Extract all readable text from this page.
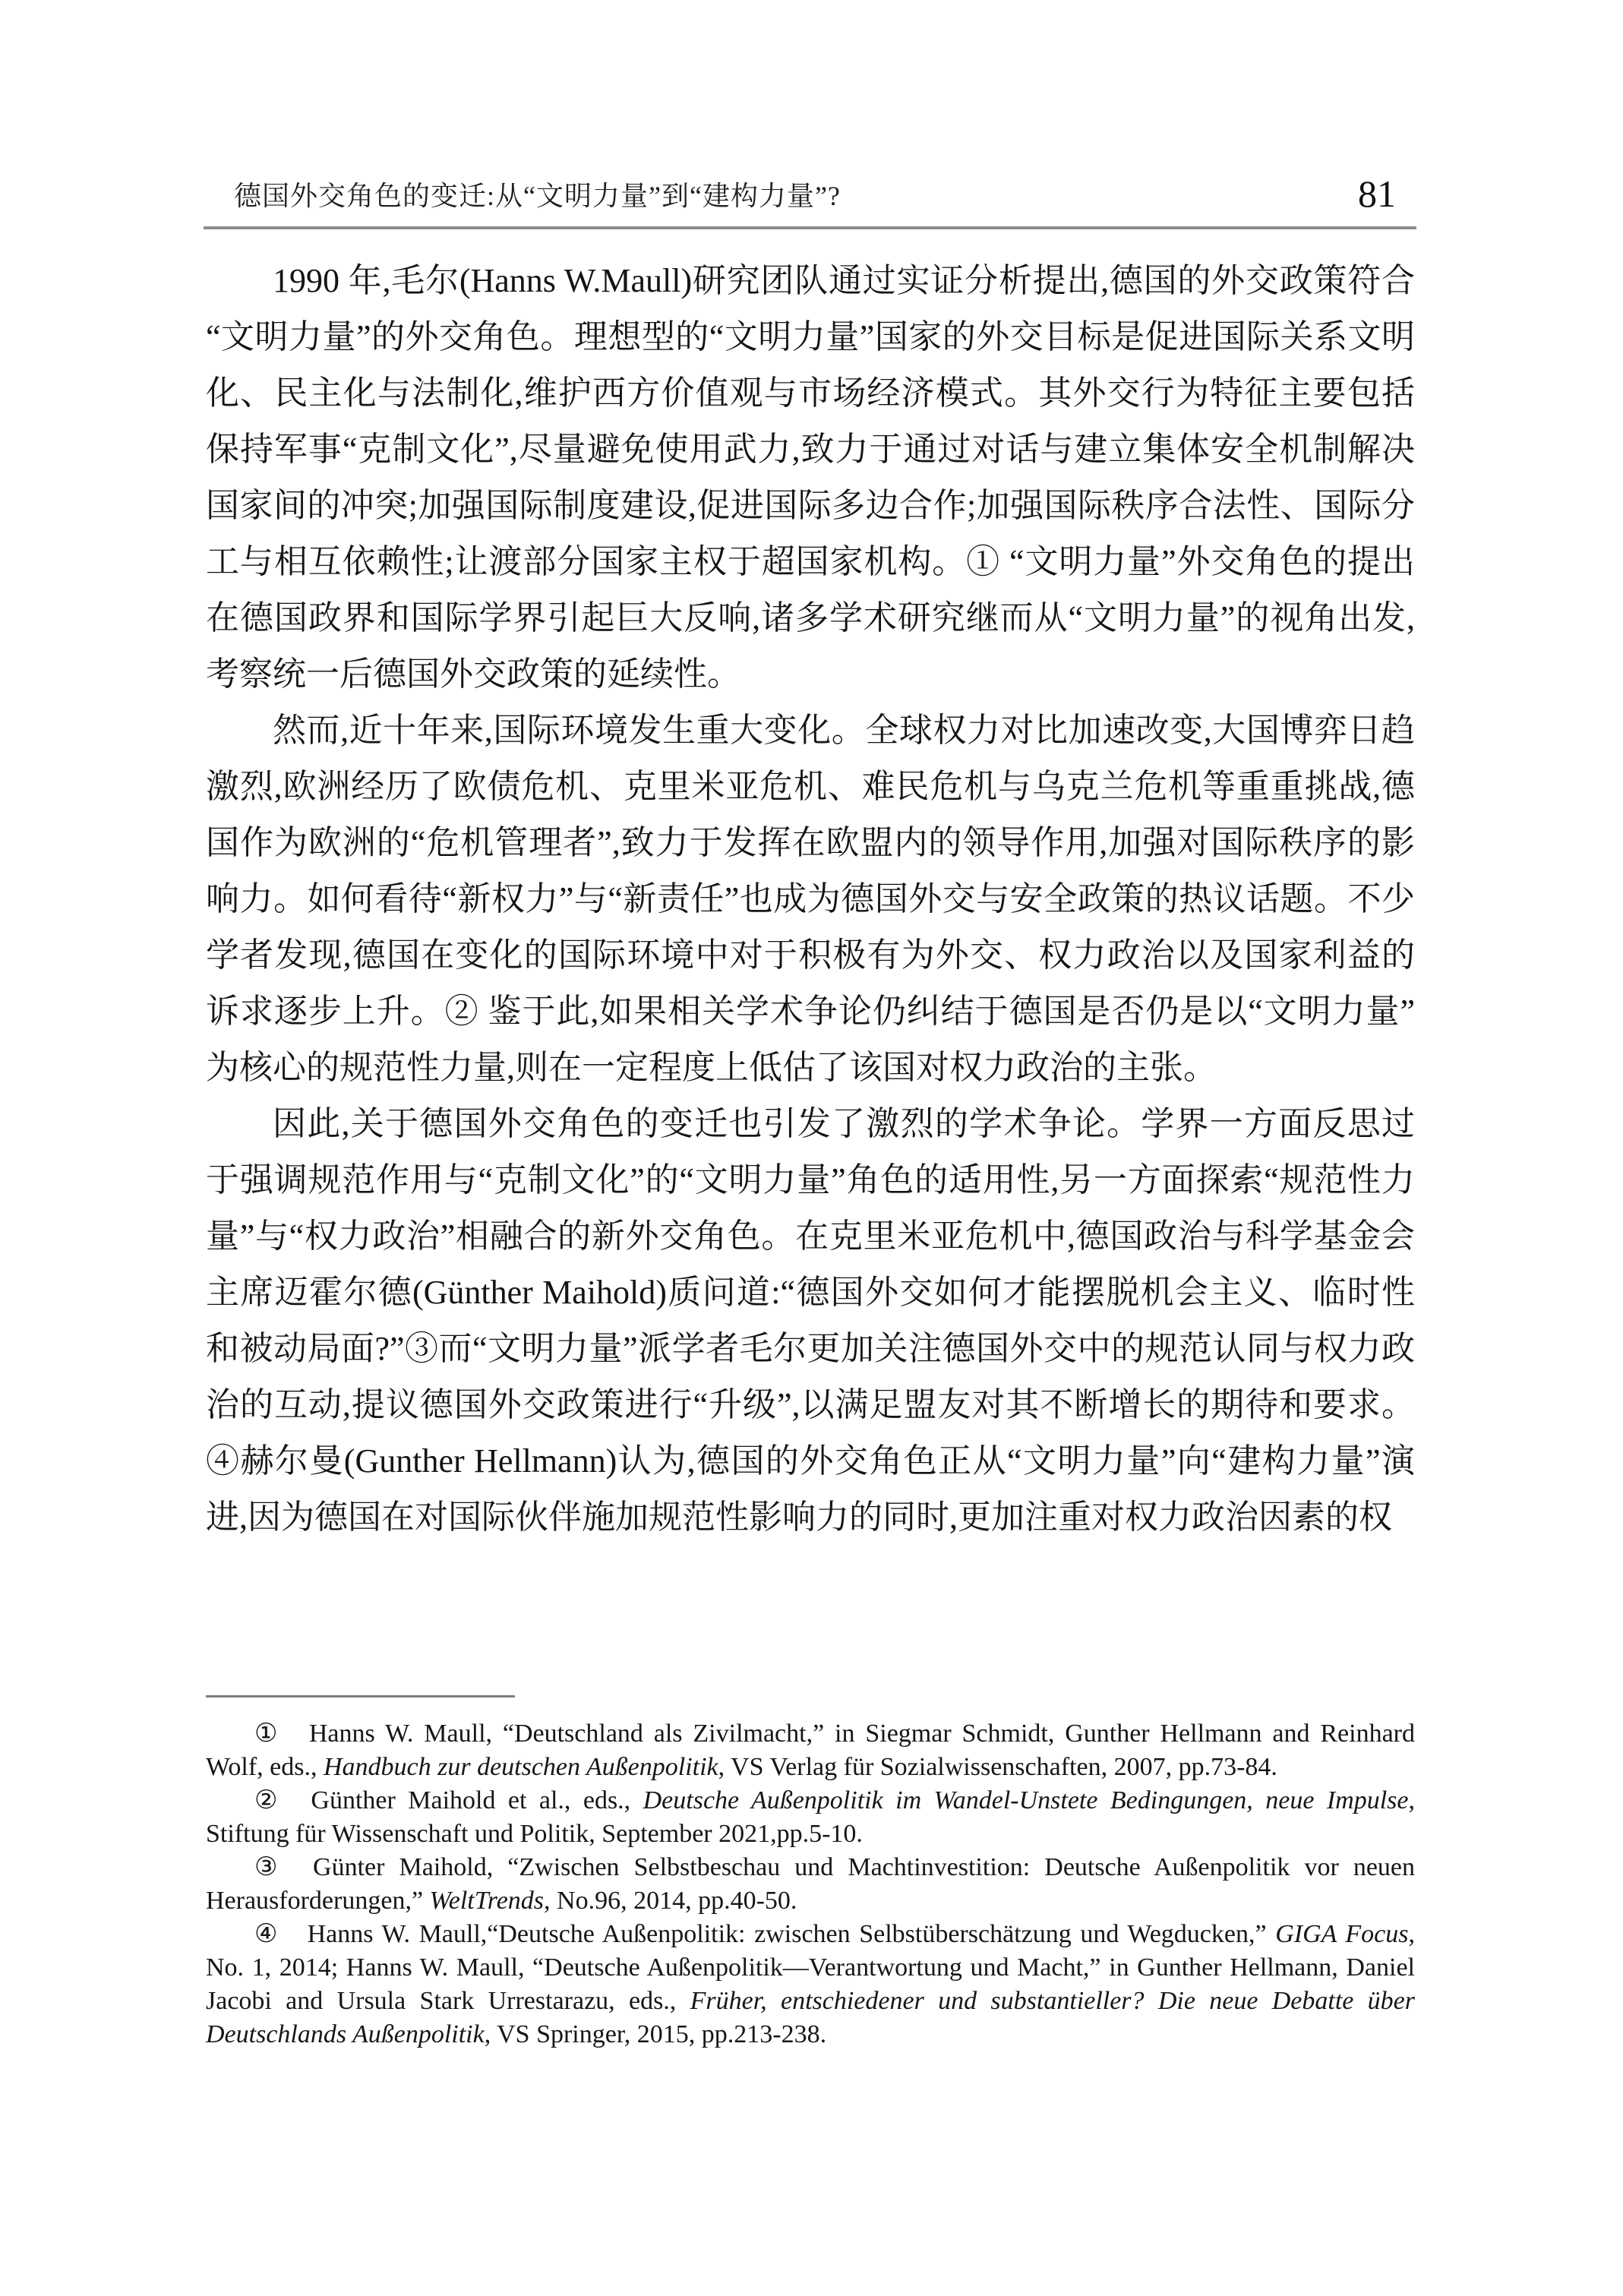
德国外交角色的变迁:从“文明力量”到“建构力量”?	81

1990 年,毛尔(Hanns W.Maull)研究团队通过实证分析提出,德国的外交政策符合“文明力量”的外交角色。理想型的“文明力量”国家的外交目标是促进国际关系文明化、民主化与法制化,维护西方价值观与市场经济模式。其外交行为特征主要包括保持军事“克制文化”,尽量避免使用武力,致力于通过对话与建立集体安全机制解决国家间的冲突;加强国际制度建设,促进国际多边合作;加强国际秩序合法性、国际分工与相互依赖性;让渡部分国家主权于超国家机构。① “文明力量”外交角色的提出在德国政界和国际学界引起巨大反响,诸多学术研究继而从“文明力量”的视角出发,考察统一后德国外交政策的延续性。

然而,近十年来,国际环境发生重大变化。全球权力对比加速改变,大国博弈日趋激烈,欧洲经历了欧债危机、克里米亚危机、难民危机与乌克兰危机等重重挑战,德国作为欧洲的“危机管理者”,致力于发挥在欧盟内的领导作用,加强对国际秩序的影响力。如何看待“新权力”与“新责任”也成为德国外交与安全政策的热议话题。不少学者发现,德国在变化的国际环境中对于积极有为外交、权力政治以及国家利益的诉求逐步上升。② 鉴于此,如果相关学术争论仍纠结于德国是否仍是以“文明力量”为核心的规范性力量,则在一定程度上低估了该国对权力政治的主张。

因此,关于德国外交角色的变迁也引发了激烈的学术争论。学界一方面反思过于强调规范作用与“克制文化”的“文明力量”角色的适用性,另一方面探索“规范性力量”与“权力政治”相融合的新外交角色。在克里米亚危机中,德国政治与科学基金会主席迈霍尔德(Günther Maihold)质问道:“德国外交如何才能摆脱机会主义、临时性和被动局面?”③而“文明力量”派学者毛尔更加关注德国外交中的规范认同与权力政治的互动,提议德国外交政策进行“升级”,以满足盟友对其不断增长的期待和要求。④赫尔曼(Gunther Hellmann)认为,德国的外交角色正从“文明力量”向“建构力量”演进,因为德国在对国际伙伴施加规范性影响力的同时,更加注重对权力政治因素的权

① Hanns W. Maull, “Deutschland als Zivilmacht,” in Siegmar Schmidt, Gunther Hellmann and Reinhard Wolf, eds., Handbuch zur deutschen Außenpolitik, VS Verlag für Sozialwissenschaften, 2007, pp.73-84.

② Günther Maihold et al., eds., Deutsche Außenpolitik im Wandel-Unstete Bedingungen, neue Impulse, Stiftung für Wissenschaft und Politik, September 2021,pp.5-10.

③ Günter Maihold, “Zwischen Selbstbeschau und Machtinvestition: Deutsche Außenpolitik vor neuen Herausforderungen,” WeltTrends, No.96, 2014, pp.40-50.

④ Hanns W. Maull,“Deutsche Außenpolitik: zwischen Selbstüberschätzung und Wegducken,” GIGA Focus, No. 1, 2014; Hanns W. Maull, “Deutsche Außenpolitik—Verantwortung und Macht,” in Gunther Hellmann, Daniel Jacobi and Ursula Stark Urrestarazu, eds., Früher, entschiedener und substantieller? Die neue Debatte über Deutschlands Außenpolitik, VS Springer, 2015, pp.213-238.
